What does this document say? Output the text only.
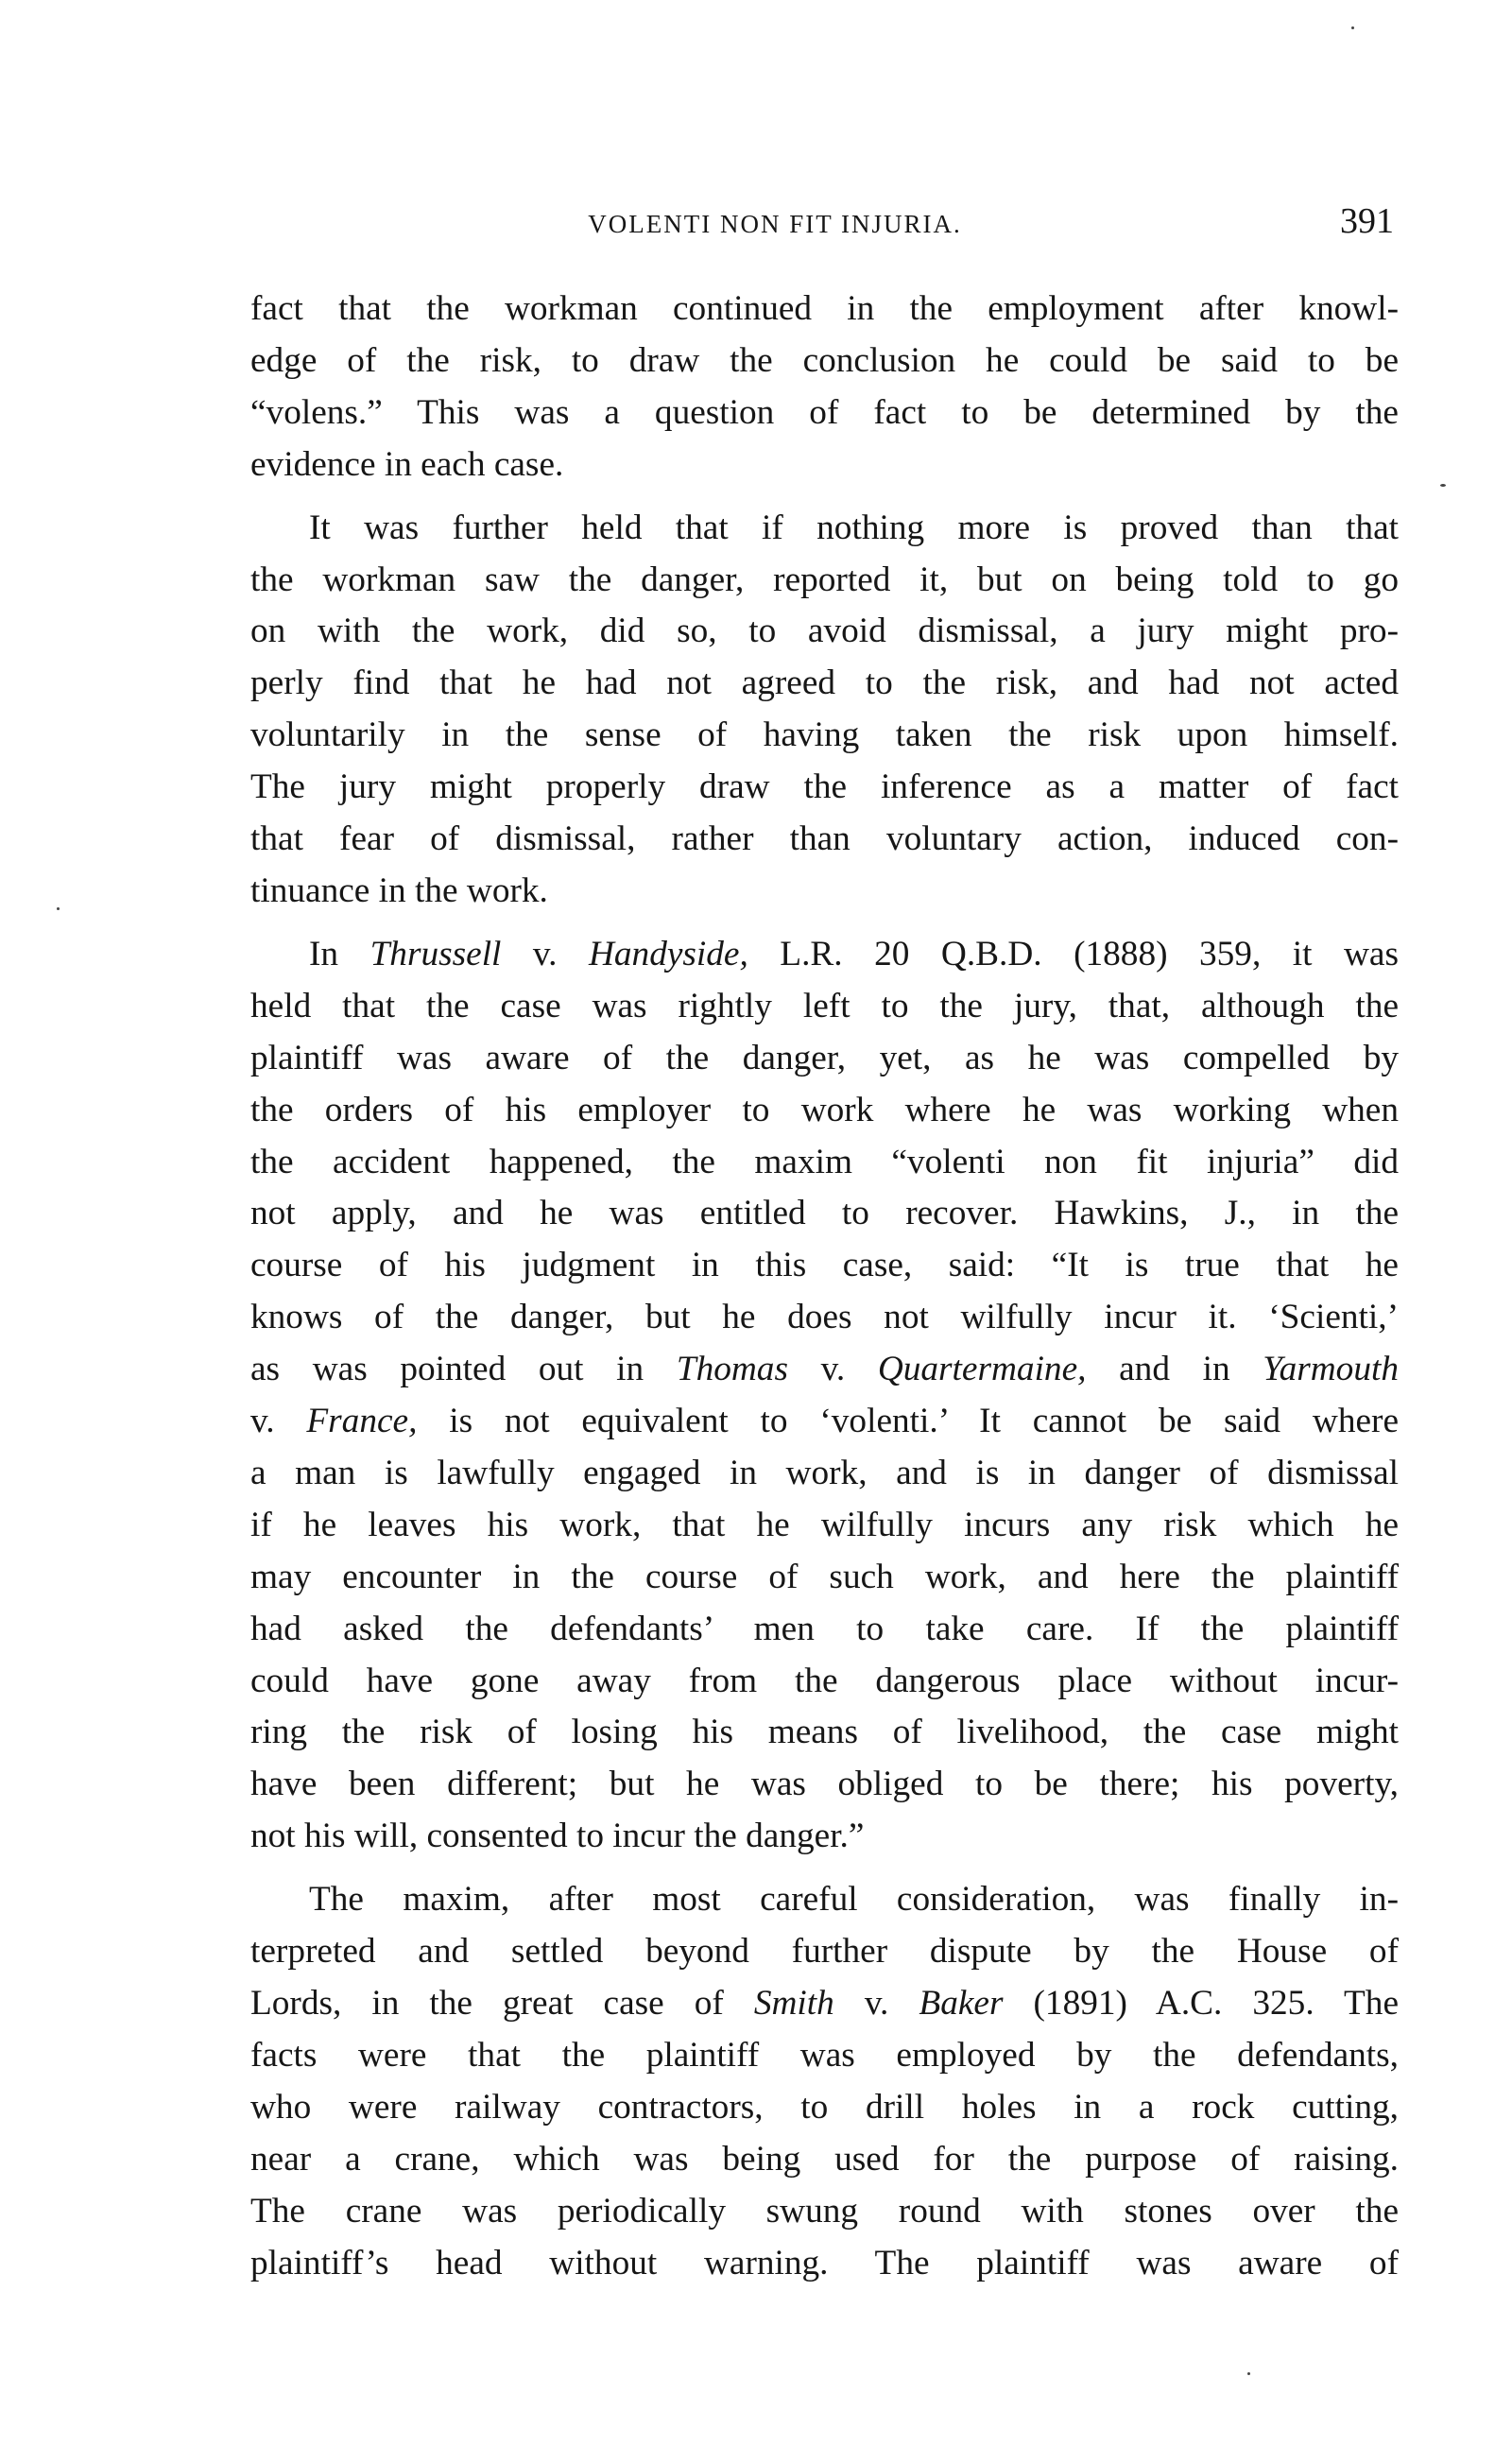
VOLENTI NON FIT INJURIA.	391

fact that the workman continued in the employment after knowl-
edge of the risk, to draw the conclusion he could be said to be
“volens.” This was a question of fact to be determined by the
evidence in each case.

It was further held that if nothing more is proved than that
the workman saw the danger, reported it, but on being told to go
on with the work, did so, to avoid dismissal, a jury might pro-
perly find that he had not agreed to the risk, and had not acted
voluntarily in the sense of having taken the risk upon himself.
The jury might properly draw the inference as a matter of fact
that fear of dismissal, rather than voluntary action, induced con-
tinuance in the work.

In Thrussell v. Handyside, L.R. 20 Q.B.D. (1888) 359, it was
held that the case was rightly left to the jury, that, although the
plaintiff was aware of the danger, yet, as he was compelled by
the orders of his employer to work where he was working when
the accident happened, the maxim “volenti non fit injuria” did
not apply, and he was entitled to recover. Hawkins, J., in the
course of his judgment in this case, said: “It is true that he
knows of the danger, but he does not wilfully incur it. ‘Scienti,’
as was pointed out in Thomas v. Quartermaine, and in Yarmouth
v. France, is not equivalent to ‘volenti.’ It cannot be said where
a man is lawfully engaged in work, and is in danger of dismissal
if he leaves his work, that he wilfully incurs any risk which he
may encounter in the course of such work, and here the plaintiff
had asked the defendants’ men to take care. If the plaintiff
could have gone away from the dangerous place without incur-
ring the risk of losing his means of livelihood, the case might
have been different; but he was obliged to be there; his poverty,
not his will, consented to incur the danger.”

The maxim, after most careful consideration, was finally in-
terpreted and settled beyond further dispute by the House of
Lords, in the great case of Smith v. Baker (1891) A.C. 325. The
facts were that the plaintiff was employed by the defendants,
who were railway contractors, to drill holes in a rock cutting,
near a crane, which was being used for the purpose of raising.
The crane was periodically swung round with stones over the
plaintiff’s head without warning. The plaintiff was aware of
